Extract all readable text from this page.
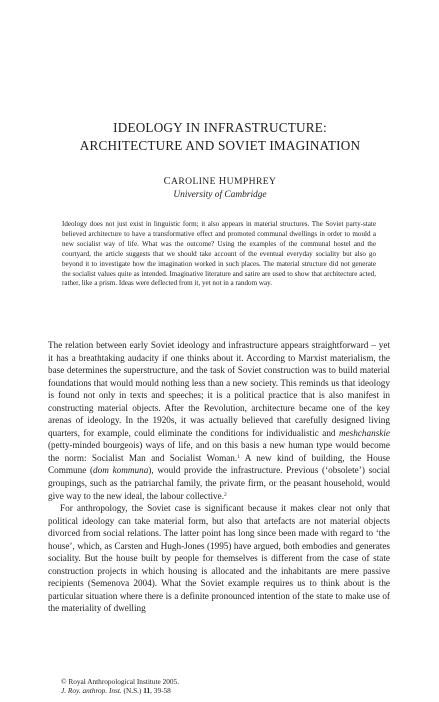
IDEOLOGY IN INFRASTRUCTURE:
ARCHITECTURE AND SOVIET IMAGINATION
CAROLINE HUMPHREY
University of Cambridge

Ideology does not just exist in linguistic form; it also appears in material structures. The Soviet party-state believed architecture to have a transformative effect and promoted communal dwellings in order to mould a new socialist way of life. What was the outcome? Using the examples of the communal hostel and the courtyard, the article suggests that we should take account of the eventual everyday sociality but also go beyond it to investigate how the imagination worked in such places. The material structure did not generate the socialist values quite as intended. Imaginative literature and satire are used to show that architecture acted, rather, like a prism. Ideas were deflected from it, yet not in a random way.

The relation between early Soviet ideology and infrastructure appears straightforward – yet it has a breathtaking audacity if one thinks about it. According to Marxist materialism, the base determines the superstructure, and the task of Soviet construction was to build material foundations that would mould nothing less than a new society. This reminds us that ideology is found not only in texts and speeches; it is a political practice that is also manifest in constructing material objects. After the Revolution, architecture became one of the key arenas of ideology. In the 1920s, it was actually believed that carefully designed living quarters, for example, could eliminate the conditions for individualistic and meshchanskie (petty-minded bourgeois) ways of life, and on this basis a new human type would become the norm: Socialist Man and Socialist Woman.$^1$ A new kind of building, the House Commune (dom kommuna), would provide the infrastructure. Previous (‘obsolete’) social groupings, such as the patriarchal family, the private firm, or the peasant household, would give way to the new ideal, the labour collective.$^2$

For anthropology, the Soviet case is significant because it makes clear not only that political ideology can take material form, but also that artefacts are not material objects divorced from social relations. The latter point has long since been made with regard to ‘the house’, which, as Carsten and Hugh-Jones (1995) have argued, both embodies and generates sociality. But the house built by people for themselves is different from the case of state construction projects in which housing is allocated and the inhabitants are mere passive recipients (Semenova 2004). What the Soviet example requires us to think about is the particular situation where there is a definite pronounced intention of the state to make use of the materiality of dwelling

© Royal Anthropological Institute 2005.
J. Roy. anthrop. Inst. (N.S.) 11, 39-58
